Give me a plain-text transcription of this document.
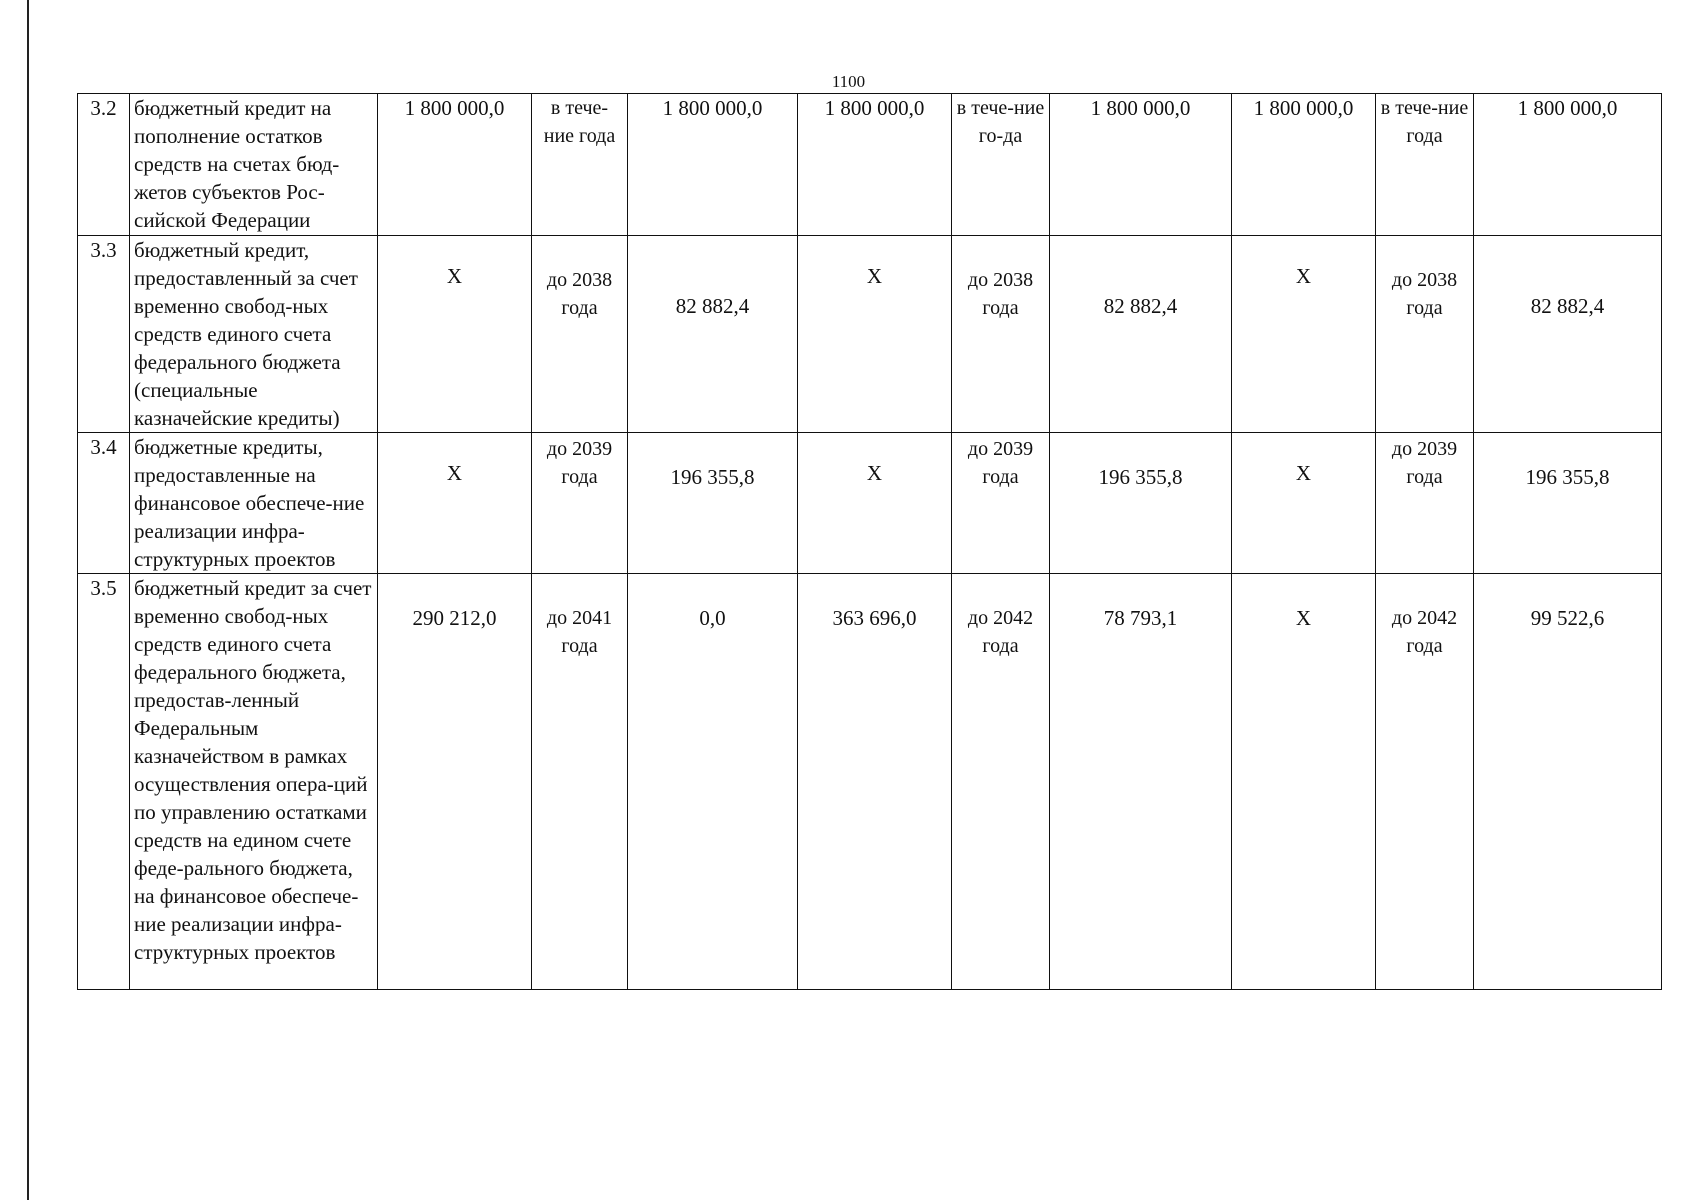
1100
3.2	бюджетный кредит на пополнение остатков средств на счетах бюд-жетов субъектов Рос-сийской Федерации	1 800 000,0	в тече-ние года	1 800 000,0	1 800 000,0	в тече-ние го-да	1 800 000,0	1 800 000,0	в тече-ние года	1 800 000,0
3.3	бюджетный кредит, предоставленный за счет временно свобод-ных средств единого счета федерального бюджета (специальные казначейские кредиты)	X	до 2038 года	82 882,4	X	до 2038 года	82 882,4	X	до 2038 года	82 882,4
3.4	бюджетные кредиты, предоставленные на финансовое обеспече-ние реализации инфра-структурных проектов	X	до 2039 года	196 355,8	X	до 2039 года	196 355,8	X	до 2039 года	196 355,8
3.5	бюджетный кредит за счет временно свобод-ных средств единого счета федерального бюджета, предостав-ленный Федеральным казначейством в рамках осуществления опера-ций по управлению остатками средств на едином счете феде-рального бюджета, на финансовое обеспече-ние реализации инфра-структурных проектов	290 212,0	до 2041 года	0,0	363 696,0	до 2042 года	78 793,1	X	до 2042 года	99 522,6
